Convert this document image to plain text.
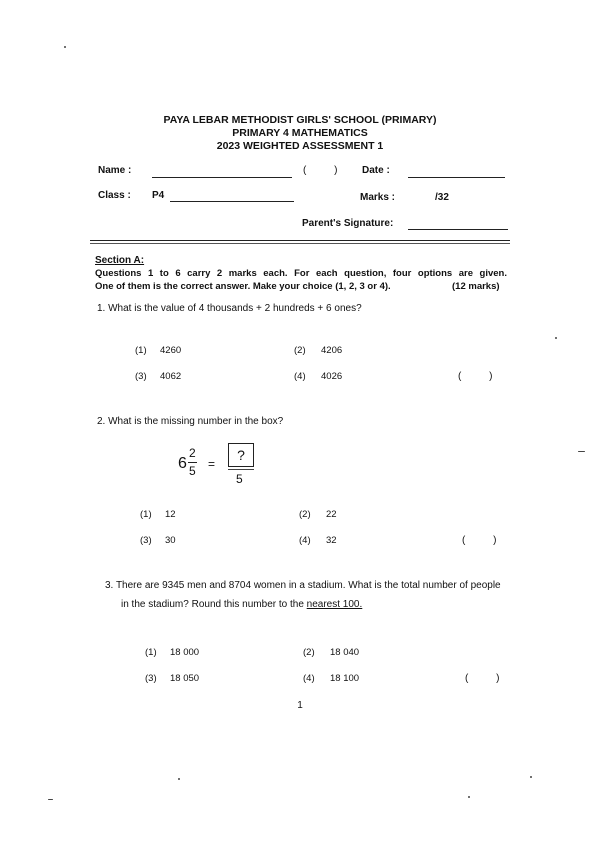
PAYA LEBAR METHODIST GIRLS' SCHOOL (PRIMARY)
PRIMARY 4 MATHEMATICS
2023 WEIGHTED ASSESSMENT 1
Name :	(          ) Date :
Class : P4	Marks :	/32
Parent's Signature:
Section A:
Questions 1 to 6 carry 2 marks each. For each question, four options are given.
One of them is the correct answer. Make your choice (1, 2, 3 or 4).	(12 marks)
1. What is the value of 4 thousands + 2 hundreds + 6 ones?
(1) 4260	(2) 4206
(3) 4062	(4) 4026	(          )
2. What is the missing number in the box?
6
2
5 =
?
5
(1) 12	(2) 22
(3) 30	(4) 32	(          )
3. There are 9345 men and 8704 women in a stadium. What is the total number of people
in the stadium? Round this number to the nearest 100.
(1) 18 000	(2) 18 040
(3) 18 050	(4) 18 100	(          )
1
